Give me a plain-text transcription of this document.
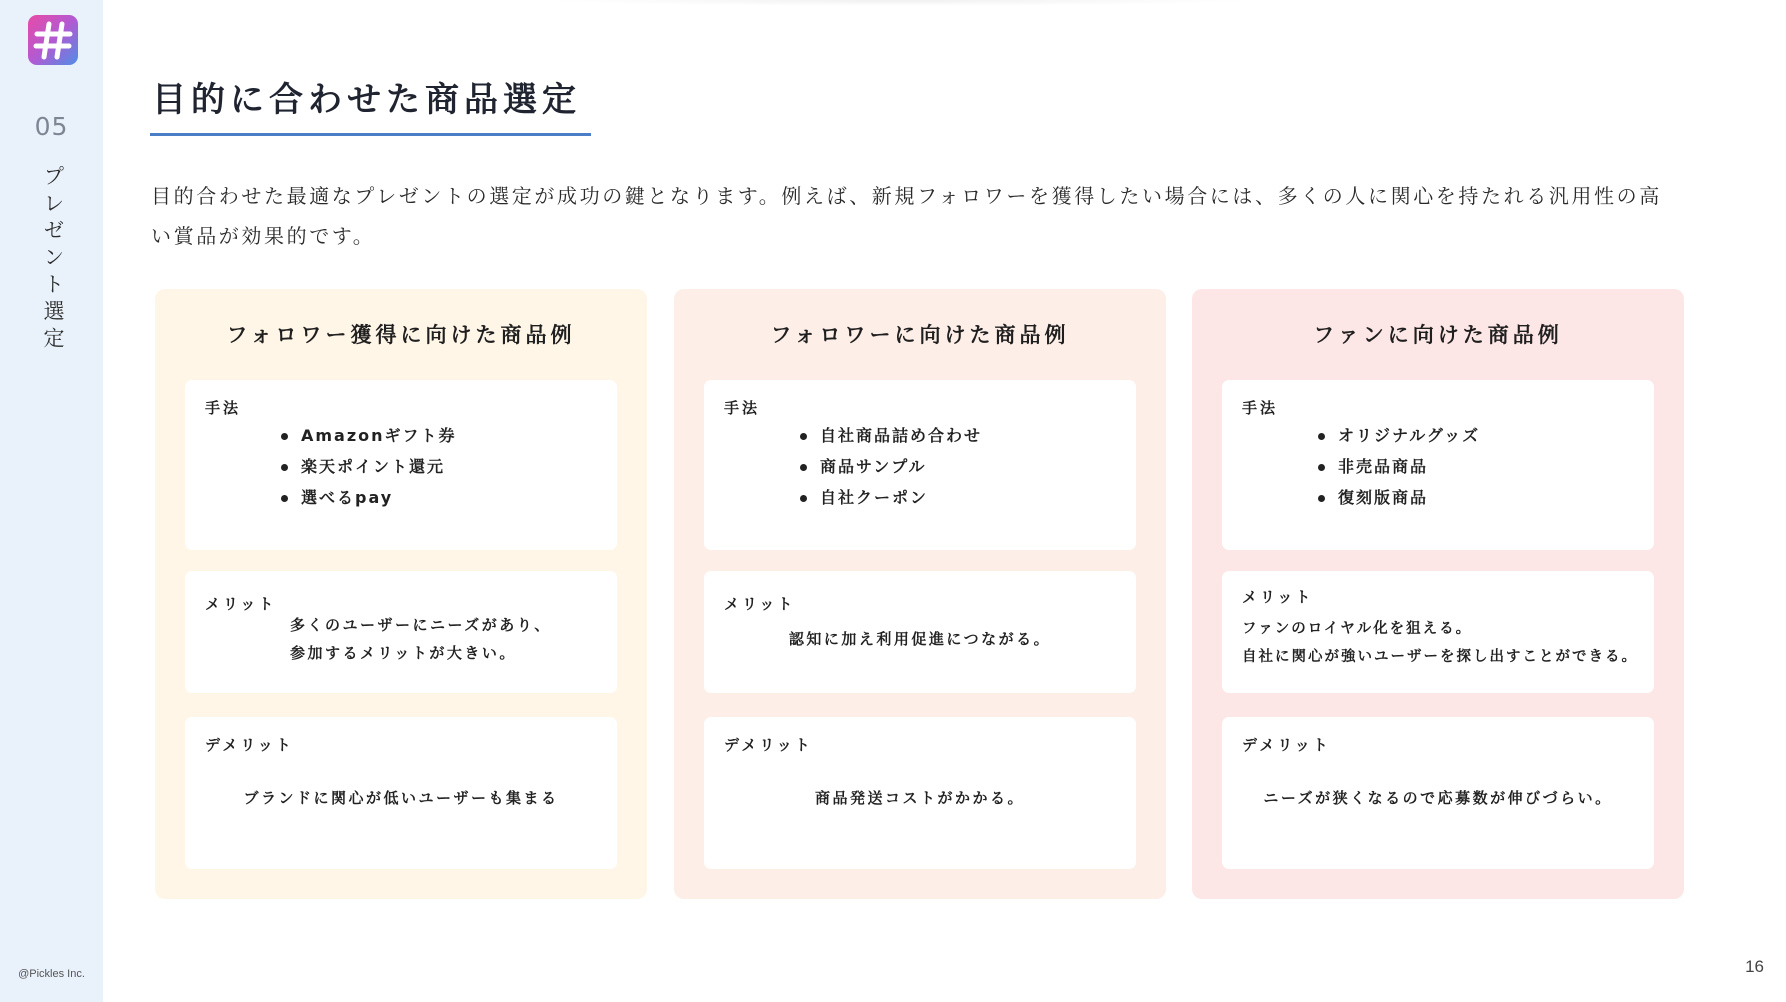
05
プレゼント選定
@Pickles Inc.
目的に合わせた商品選定

目的合わせた最適なプレゼントの選定が成功の鍵となります。例えば、新規フォロワーを獲得したい場合には、多くの人に関心を持たれる汎用性の高い賞品が効果的です。

フォロワー獲得に向けた商品例
手法
Amazonギフト券
楽天ポイント還元
選べるpay
メリット
多くのユーザーにニーズがあり、
参加するメリットが大きい。
デメリット
ブランドに関心が低いユーザーも集まる
フォロワーに向けた商品例
手法
自社商品詰め合わせ
商品サンプル
自社クーポン
メリット
認知に加え利用促進につながる。
デメリット
商品発送コストがかかる。
ファンに向けた商品例
手法
オリジナルグッズ
非売品商品
復刻版商品
メリット
ファンのロイヤル化を狙える。
自社に関心が強いユーザーを探し出すことができる。
デメリット
ニーズが狭くなるので応募数が伸びづらい。
16
